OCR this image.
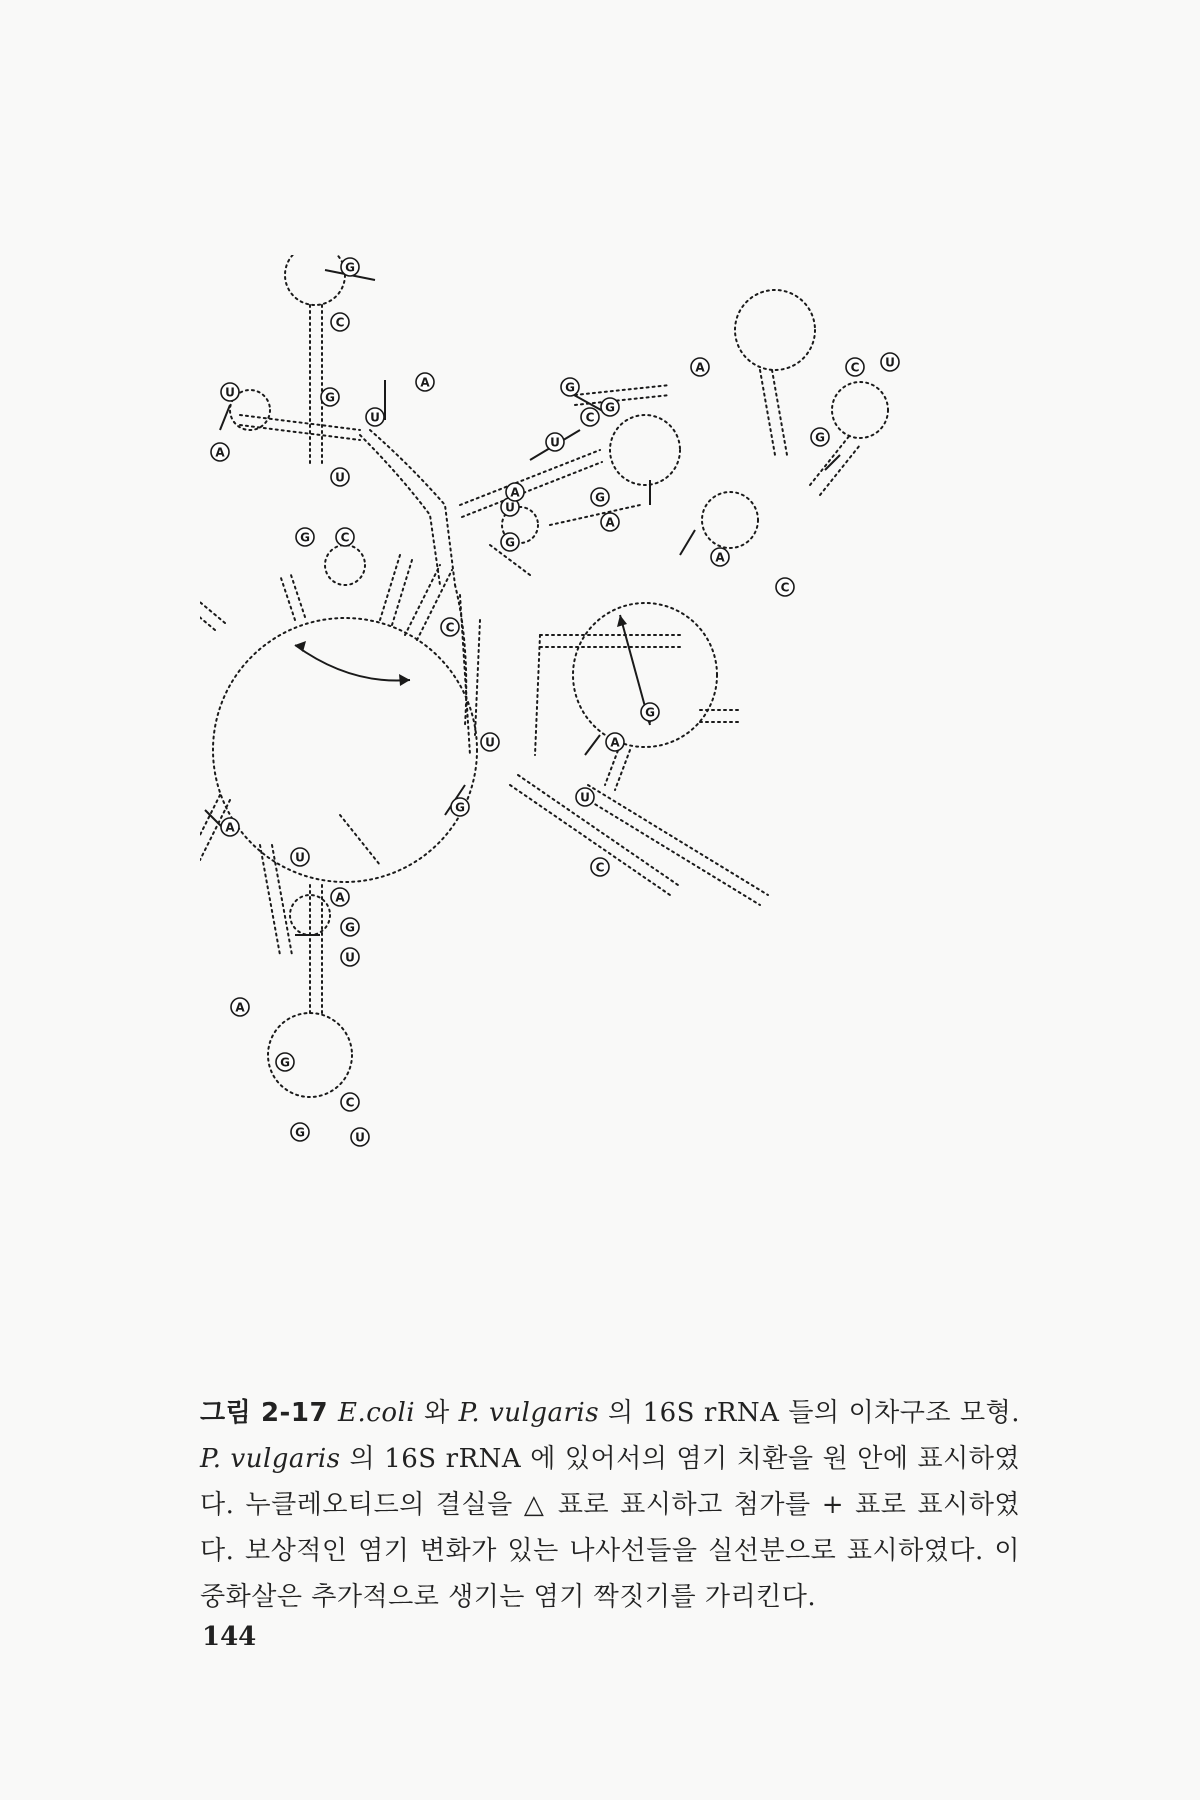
G
C
U
A
G
U
A	G
C
U
G
A	C U
G
A
U
G
C
A
U
G
G	C
U
A
G
U
A
G
C
U
G
A
C
U
G
A
U
G
C
A
그림 2-17 E.coli 와 P. vulgaris 의 16S rRNA 들의 이차구조 모형. P. vulgaris 의 16S rRNA 에 있어서의 염기 치환을 원 안에 표시하였다. 누클레오티드의 결실을 △ 표로 표시하고 첨가를 + 표로 표시하였다. 보상적인 염기 변화가 있는 나사선들을 실선분으로 표시하였다. 이중화살은 추가적으로 생기는 염기 짝짓기를 가리킨다.
144
